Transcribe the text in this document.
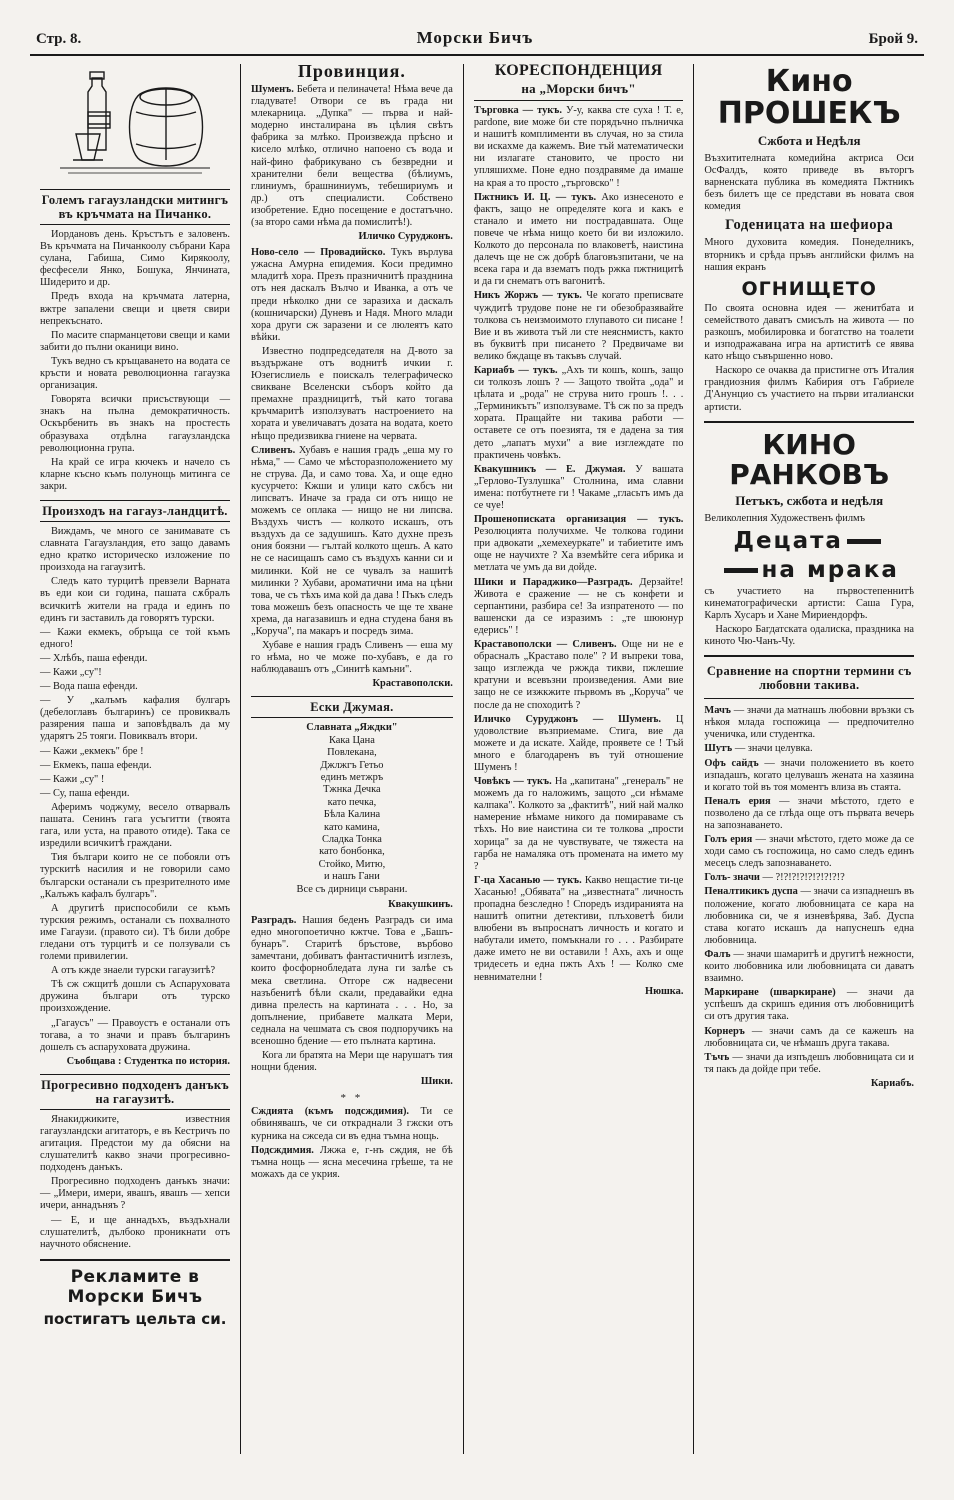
Стр. 8.	Морски Бичъ	Брой 9.
Големъ гагаузландски митингъ въ кръчмата на Пичанко.

Иордановъ день. Кръстътъ е заловенъ. Въ кръчмата на Пичанкоолу събрани Кара сулана, Габиша, Симо Кирякоолу, фесфесели Янко, Бошука, Янчината, Шидерито и др.

Предъ входа на кръчмата латерна, вжтре запалени свещи и цветя свири непрекъснато.

По масите спарманцетови свещи и ками забити до пълни оканици вино.

Тукъ ведно съ кръщаването на водата се кръсти и новата революционна гагаузка организация.

Говорята всички присъствующи — знакъ на пълна демократичность. Оскърбенить въ знакъ на простесть образуваха отдѣлна гагаузландска революционна група.

На край се игра кючекъ и начело съ кларне късно къмъ полунощь митинга се закри.

Произходъ на гагауз-ландцитѣ.

Виждамъ, че много се занимавате съ славната Гагаузландия, ето защо давамъ едно кратко историческо изложение по произхода на гагаузитѣ.

Следъ като турцитѣ превзели Варната въ еди кои си година, пашата сѫбралъ всичкитѣ жители на града и единъ по единъ ги заставилъ да говорятъ турски.

— Кажи екмекъ, обръща се той къмъ едного!

— Хлѣбъ, паша ефенди.

— Кажи „су"!

— Вода паша ефенди.

— У „калъмъ кафалия булгаръ (дебелоглавъ българинъ) се провиквалъ разярения паша и заповѣдвалъ да му ударятъ 25 тояги. Повиквалъ втори.

— Кажи „екмекъ" бре !

— Екмекъ, паша ефенди.

— Кажи „су" !

— Су, паша ефенди.

Аферимъ чоджуму, весело отварвалъ пашата. Сенинъ гага усъгитти (твоята гага, или уста, на правото отиде). Така се изредили всичкитѣ граждани.

Тия българи които не се побояли отъ турскитѣ насилия и не говорили само български останали съ презрителното име „Калъжъ кафалъ булгаръ".

А другитѣ приспособили се къмъ турския режимъ, останали съ похвалното име Гагаузи. (правото си). Тѣ били добре гледани отъ турцитѣ и се ползували съ големи привилегии.

А отъ кжде знаели турски гагаузитѣ?

Тѣ сж сжщитѣ дошли съ Аспаруховата дружина българи отъ турско произхождение.

„Гагаусъ" — Правоустъ е останали отъ тогава, а то значи и правъ българинъ дошелъ съ аспаруховата дружина.

Съобщава : Студентка по история.
Прогресивно подходенъ данъкъ на гагаузитѣ.

Янакиджиките, известния гагаузландски агитаторъ, е въ Кестричъ по агитация. Предстои му да обясни на слушателитѣ какво значи прогресивно-подходенъ данъкъ.

Прогресивно подходенъ данъкъ значи: — „Имери, имери, явашъ, явашъ — хепси ичери, аннадъняъ ?

— Е, и ще аннадъхъ, въздъхнали слушателитѣ, дълбоко проникнати отъ научното обяснение.

Рекламите в Морски Бичъ
постигатъ цельта си.
Провинция.

Шуменъ. Бебета и пелиначета! Нѣма вече да гладувате! Отвори се въ града ни млекарница. „Дупка" — първа и най-модерно инсталирана въ цѣлия свѣтъ фабрика за млѣко. Произвежда прѣсно и кисело млѣко, отлично напоено съ вода и най-фино фабрикувано съ безвредни и хранителни бели вещества (бѣлиумъ, глиниумъ, брашниниумъ, тебешириумъ и др.) отъ специалисти. Собствено изобретение. Едно посещение е достатъчно. (за второ сами нѣма да помислитѣ!).

Иличко Суруджонъ.

Ново-село — Провадийско. Тукъ върлува ужасна Амурна епидемия. Коси предимно младитѣ хора. Презъ празничнитѣ празднина отъ нея даскалъ Вълчо и Иванка, а отъ че преди нѣколко дни се заразиха и даскалъ (кошничарски) Дуневъ и Надя. Много млади хора други сж заразени и се люлеятъ като вѣйки.

Известно подпредседателя на Д-вото за въздържане отъ воднитѣ ичкии г. Юзегислиель е поискалъ телеграфическо свикване Вселенски съборъ който да премахне праздницитѣ, тъй като тогава кръчмаритѣ използуватъ настроението на хората и увеличаватъ дозата на водата, което нѣщо предизвиква гниене на червата.

Сливенъ. Хубавъ е нашия градъ „еша му го нѣма," — Само че мѣсторазположението му не струва. Да, и само това. Ха, и още едно кусурчето: Кжши и улици като сѫбсъ ни липсватъ. Иначе за града си отъ нищо не можемъ се оплака — нищо не ни липсва. Въздухъ чистъ — колкото искашъ, отъ въздухъ да се задушишъ. Като духне презъ ония боязни — гълтай колкото щешъ. А като не се насищашъ само съ въздухъ канни си и милинки. Кой не се чувалъ за нашитѣ милинки ? Хубави, ароматични има на цѣни това, че съ тѣхъ има кой да дава ! Пъкъ следъ това можешъ безъ опасность че ще те хване хрема, да нагазавишъ и една студена баня въ „Коруча", па макаръ и посредъ зима.

Хубаве е нашия градъ Сливенъ — еша му го нѣма, но че може по-хубавъ, е да го наблюдавашъ отъ „Синитѣ камъни".

Краставополски.
Ески Джумая.
Славната „Яждки"
Кака Цана
Повлекана,
Джлжгъ Гетьо
единъ метжръ
Тжнка Дечка
като печка,
Бѣла Калина
като камина,
Сладка Тонка
като бонбонка,
Стойко, Митю,
и нашъ Гани
Все съ дирници съврани.
Квакушкинъ.

Разградъ. Нашия беденъ Разградъ си има едно многопоетично кжтче. Това е „Башъ-бунаръ". Старитѣ бръстове, върбово замечтани, добиватъ фантастичнитѣ изглезъ, които фосфорнобледата луна ги залѣе съ мека светлина. Отгоре сж надвесени назъбенитѣ бѣли скали, предавайки една дивна прелесть на картината . . . Но, за допълнение, прибавете малката Мери, седнала на чешмата съ своя подпоручикъ на всеношно бдение — ето пълната картина.

Кога ли братята на Мери ще нарушатъ тия нощни бдения.

Шики.
* *

Сждията (къмъ подсждимия). Ти се обвинявашъ, че си откраднали 3 гжски отъ курника на сжседа си въ една тъмна нощь.

Подсждимия. Лжжа е, г-нъ сждия, не бѣ тъмна нощь — ясна месечина грѣеше, та не можахъ да се укрия.

КОРЕСПОНДЕНЦИЯ
на „Морски бичъ"

Търговка — тукъ. У-у, каква сте суха ! Т. е, pardone, вие може би сте порядъчно пълничка и нашитѣ комплименти въ случая, но за стила ви искахме да кажемъ. Вие тъй математически ни излагате становито, че просто ни упляшихме. Поне едно поздравяме да имаше на края а то просто „търговско" !

Пжтникъ И. Ц. — тукъ. Ако изнесеното е фактъ, защо не определяте кога и какъ е станало и името ни пострадавшата. Още повече че нѣма нищо което би ви изложило. Колкото до персонала по влаковетѣ, наистина далечъ ще не сж добрѣ благовъзпитани, че на всека гара и да взематъ подъ ржка пжтницитѣ и да ги снематъ отъ вагонитѣ.

Никъ Жоржъ — тукъ. Че когато преписвате чуждитѣ трудове поне не ги обезобразявайте толкова съ неизмоимото глупавото си писане ! Вие и въ живота тъй ли сте неяснмистъ, както въ буквитѣ при писането ? Предвичаме ви велико бждаще въ такъвъ случай.

Кариабъ — тукъ. „Ахъ ти кошъ, кошъ, защо си толкозъ лошъ ? — Защото твойта „ода" и цѣлата и „рода" не струва нито грошъ !. . . „Терминикътъ" използуваме. Тѣ сж по за предъ хората. Пращайте ни такива работи — оставете се отъ поезията, тя е дадена за тия дето „лапатъ мухи" а вие изглеждате по практичень човѣкъ.

Квакушникъ — Е. Джумая. У вашата „Герлово-Тузлушка" Столнина, има славни имена: потбутнете ги ! Чакаме „гласьтъ имъ да се чуе!

Прошенописката организация — тукъ. Резолюцията получихме. Че толкова години при адвокати „хемехеуркате" и табиетите имъ още не научихте ? Ха вземѣйте сега ибрика и метлата че умъ да ви дойде.

Шики и Параджико—Разградъ. Дерзайте! Живота е сражение — не съ конфети и серпантини, разбира се! За изпратеното — по вашенски да се изразимъ : „те шююнур едерись" !

Краставополски — Сливенъ. Още ни не е обрасналъ „Краставо поле" ? И въпреки това, защо изглежда че ржжда тикви, пжлешие кратуни и всевъзни произведения. Ами вие защо не се изжкжите първомъ въ „Коруча" че после да не споходитѣ ?

Иличко Суруджонъ — Шуменъ. Ц удоволствие възприемаме. Стига, вие да можете и да искате. Хайде, проявете се ! Тъй много е благодаренъ въ туй отношение Шуменъ !

Човѣкъ — тукъ. На „капитана" „генералъ" не можемъ да го наложимъ, защото „си нѣмаме калпака". Колкото за „фактитѣ", ний най малко намерение нѣмаме никого да помираваме съ тѣхъ. Но вие наистина си те толкова „прости хорица" за да не чувствувате, че тяжеста на гарба не намаляка отъ промената на името му ?

Г-ца Хасанью — тукъ. Какво нещастие ти-це Хасанью! „Обявата" на „известната" личность пропадна безследно ! Споредъ издиранията на нашитѣ опитни детективи, плъховетѣ били влюбени въ въпроснатъ личность и когато и набутали името, помъкнали го . . . Разбирате даже името не ви оставили ! Ахъ, ахъ и още тридесеть и една пжть Ахъ ! — Колко сме невнимателни !

Нюшка.
Кино ПРОШЕКЪ
Сжбота и Недѣля

Възхитителната комедийна актриса Оси ОсФалдъ, която приведе въ въторгъ варненската публика въ комедията Пжтникъ безъ билетъ ще се представи въ новата своя комедия

Годеницата на шефиора

Много духовита комедия. Понеделникъ, вторникъ и срѣда пръвъ английски филмъ на нашия екранъ

ОГНИЩЕТО

По своята основна идея — женитбата и семейството даватъ смисълъ на живота — по разкошъ, мобилировка и богатство на тоалети и изподражавана игра на артиститѣ се явява като нѣщо съвършенно ново.

Наскоро се очаква да пристигне отъ Италия грандиозния филмъ Кабирия отъ Габриеле Д'Анунцио съ участието на първи италиански артисти.

КИНО РАНКОВЪ
Петъкъ, сжбота и недѣля

Великолепния Художественъ филмъ

Децата
на мрака

съ участието на първостепеннитѣ кинематографически артисти: Саша Гура, Карлъ Хусаръ и Хане Мириендорфъ.

Наскоро Багдатската одалиска, праздника на киното Чю-Чанъ-Чу.

Сравнение на спортни термини съ любовни такива.

Мачъ — значи да матнашъ любовни връзки съ нѣкоя млада госпожица — предпочително ученичка, или студентка.

Шутъ — значи целувка.

Офъ сайдъ — значи положението въ което изпадашъ, когато целувашъ жената на хазяина и когато той въ тоя моментъ влиза въ стаята.

Пеналъ ерия — значи мѣстото, гдето е позволено да се глѣда още отъ първата вечерь на запознаването.

Голъ ерия — значи мѣстото, гдето може да се ходи само съ госпожица, но само следъ единъ месецъ следъ запознаването.

Голъ- значи — ?!?!?!?!?!?!?!?!?

Пеналтикикъ дуспа — значи са изпаднешъ въ положение, когато любовницата се кара на любовника си, че я изневѣрява, Заб. Дуспа става когато искашъ да напуснешъ една любовница.

Фалъ — значи шамаритѣ и другитѣ нежности, които любовника или любовницата си даватъ взаимно.

Маркиране (шваркиране) — значи да успѣешъ да скришъ единия отъ любовницитѣ си отъ другия така.

Корнеръ — значи самъ да се кажешъ на любовницата си, че нѣмашъ друга такава.

Тъчъ — значи да изпъдешъ любовницата си и тя пакъ да дойде при тебе.

Кариабъ.
